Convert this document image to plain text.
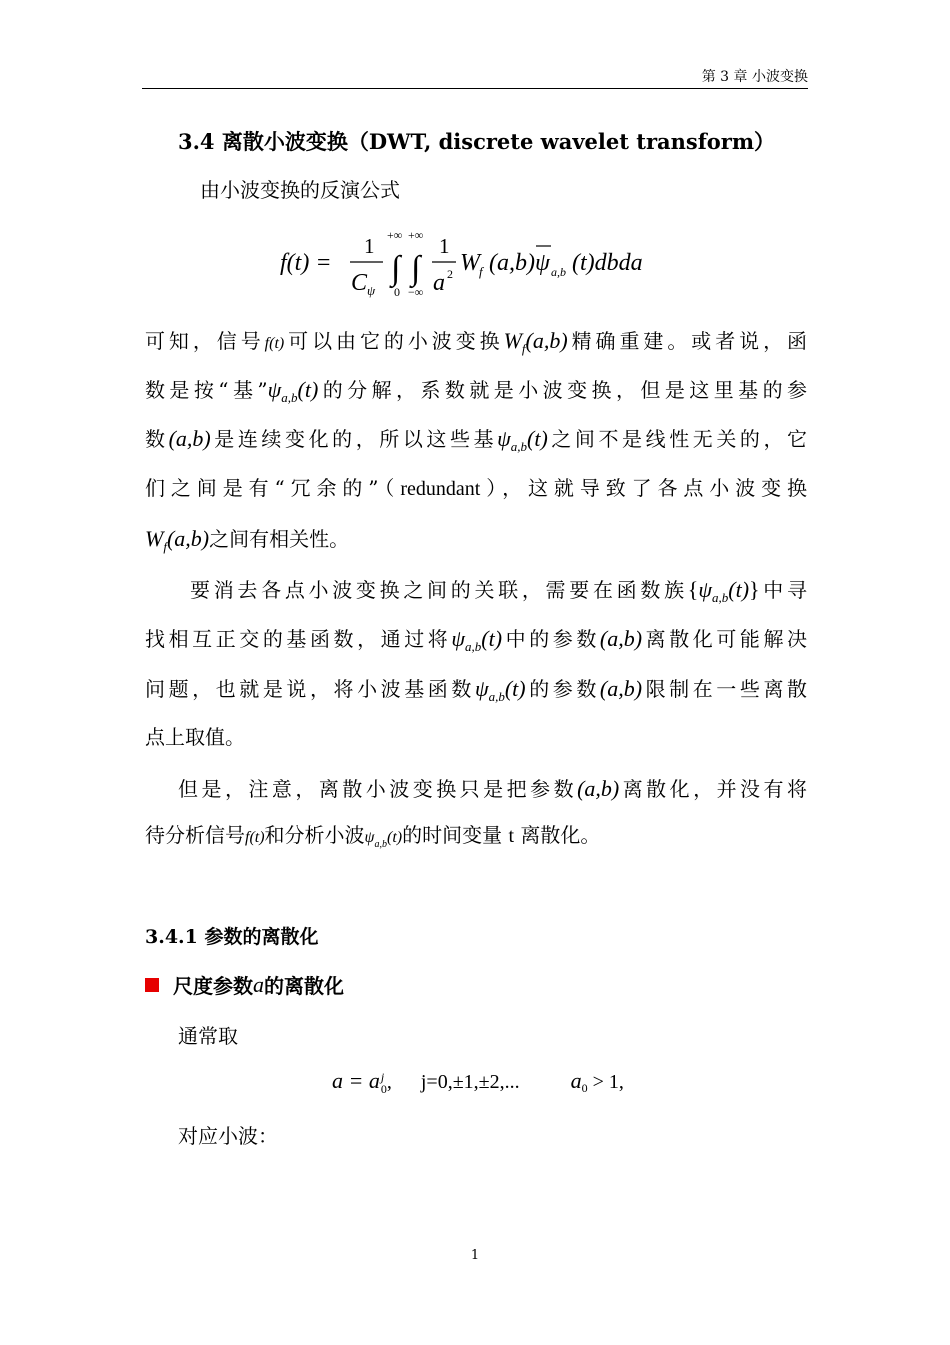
第 3 章 小波变换
3.4 离散小波变换（DWT, discrete wavelet transform）
由小波变换的反演公式
f(t) =
1
C ψ
+∞
∫
0
+∞
∫
−∞
1
a 2 W f (a,b) ψ a,b (t)dbda
可知，信号f(t)可以由它的小波变换$W_f(a,b)$精确重建。或者说，函
数是按“基$”\psi_{a,b}(t)$的分解，系数就是小波变换，但是这里基的参
数(a,b)是连续变化的，所以这些基$\psi_{a,b}(t)$之间不是线性无关的，它
们之间是有“冗余的”（redundant），这就导致了各点小波变换
$W_f(a,b)$之间有相关性。
要消去各点小波变换之间的关联，需要在函数族$\{\psi_{a,b}(t)\}$中寻
找相互正交的基函数，通过将$\psi_{a,b}(t)$中的参数(a,b)离散化可能解决
问题，也就是说，将小波基函数$\psi_{a,b}(t)$的参数(a,b)限制在一些离散
点上取值。
但是，注意，离散小波变换只是把参数(a,b)离散化，并没有将
待分析信号f(t)和分析小波$\psi_{a,b}(t)$的时间变量 t 离散化。
3.4.1 参数的离散化
尺度参数 a 的离散化
通常取
a = a j
0 , j=0,±1,±2,... $a_0 > 1$,
对应小波：
1
